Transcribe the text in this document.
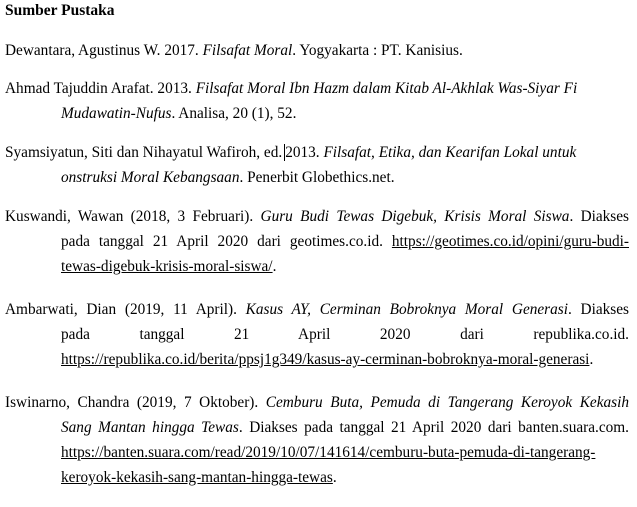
Sumber Pustaka
Dewantara, Agustinus W. 2017. Filsafat Moral. Yogyakarta : PT. Kanisius.
Ahmad Tajuddin Arafat. 2013. Filsafat Moral Ibn Hazm dalam Kitab Al-Akhlak Was-Siyar Fi
Mudawatin-Nufus. Analisa, 20 (1), 52.
Syamsiyatun, Siti dan Nihayatul Wafiroh, ed. 2013. Filsafat, Etika, dan Kearifan Lokal untuk
onstruksi Moral Kebangsaan. Penerbit Globethics.net.
Kuswandi, Wawan (2018, 3 Februari). Guru Budi Tewas Digebuk, Krisis Moral Siswa. Diakses
pada tanggal 21 April 2020 dari geotimes.co.id. https://geotimes.co.id/opini/guru-budi-
tewas-digebuk-krisis-moral-siswa/.
Ambarwati, Dian (2019, 11 April). Kasus AY, Cerminan Bobroknya Moral Generasi. Diakses
pada tanggal 21 April 2020 dari republika.co.id.
https://republika.co.id/berita/ppsj1g349/kasus-ay-cerminan-bobroknya-moral-generasi.
Iswinarno, Chandra (2019, 7 Oktober). Cemburu Buta, Pemuda di Tangerang Keroyok Kekasih
Sang Mantan hingga Tewas. Diakses pada tanggal 21 April 2020 dari banten.suara.com.
https://banten.suara.com/read/2019/10/07/141614/cemburu-buta-pemuda-di-tangerang-
keroyok-kekasih-sang-mantan-hingga-tewas.
